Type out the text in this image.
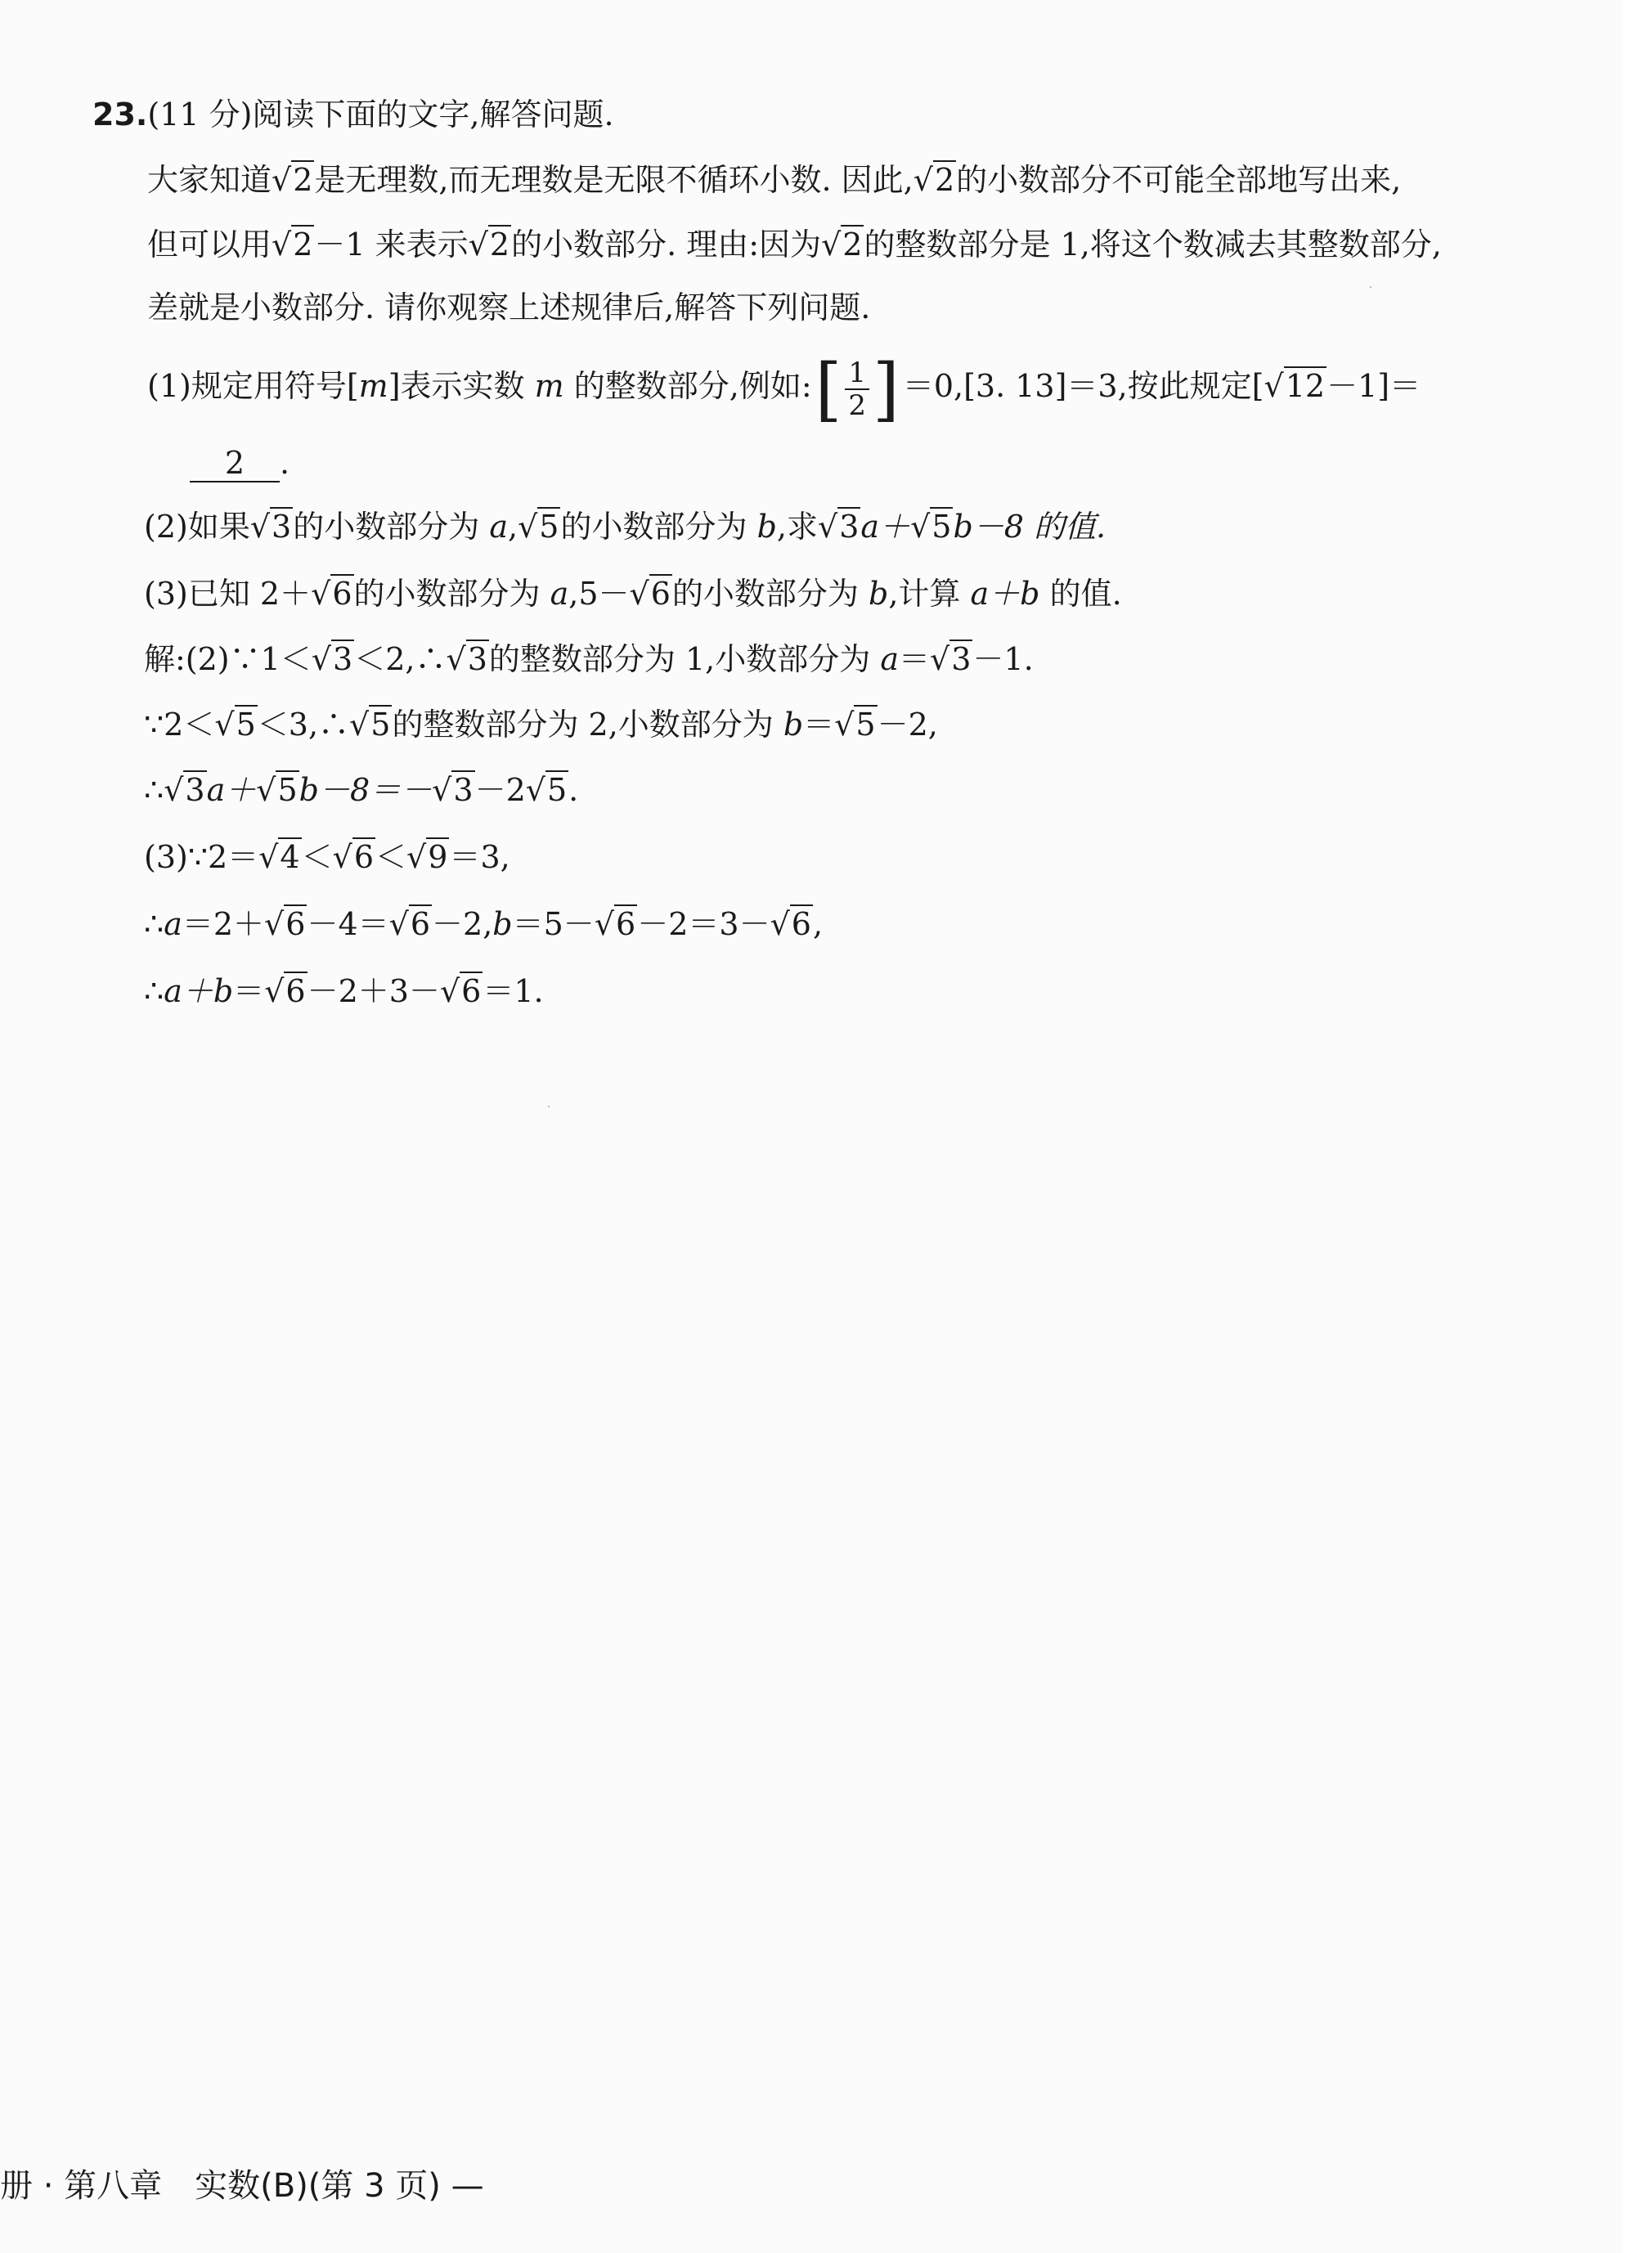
23.(11 分)阅读下面的文字,解答问题.
大家知道√2是无理数,而无理数是无限不循环小数. 因此,√2的小数部分不可能全部地写出来,
但可以用√2－1 来表示√2的小数部分. 理由:因为√2的整数部分是 1,将这个数减去其整数部分,
差就是小数部分. 请你观察上述规律后,解答下列问题.
(1)规定用符号[m]表示实数 m 的整数部分,例如: [ $\frac{1}{2}$ ] ＝0,[3. 13]＝3,按此规定[√12－1]＝
2 .
(2)如果√3的小数部分为 a,√5的小数部分为 b,求√3a＋√5b－8 的值.
(3)已知 2＋√6的小数部分为 a,5－√6的小数部分为 b,计算 a＋b 的值.
解:(2)∵1＜√3＜2,∴√3的整数部分为 1,小数部分为 a＝√3－1.
∵2＜√5＜3,∴√5的整数部分为 2,小数部分为 b＝√5－2,
∴√3a＋√5b－8＝－√3－2√5.
(3)∵2＝√4＜√6＜√9＝3,
∴a＝2＋√6－4＝√6－2,b＝5－√6－2＝3－√6,
∴a＋b＝√6－2＋3－√6＝1.
册 · 第八章　实数(B)(第 3 页) —
